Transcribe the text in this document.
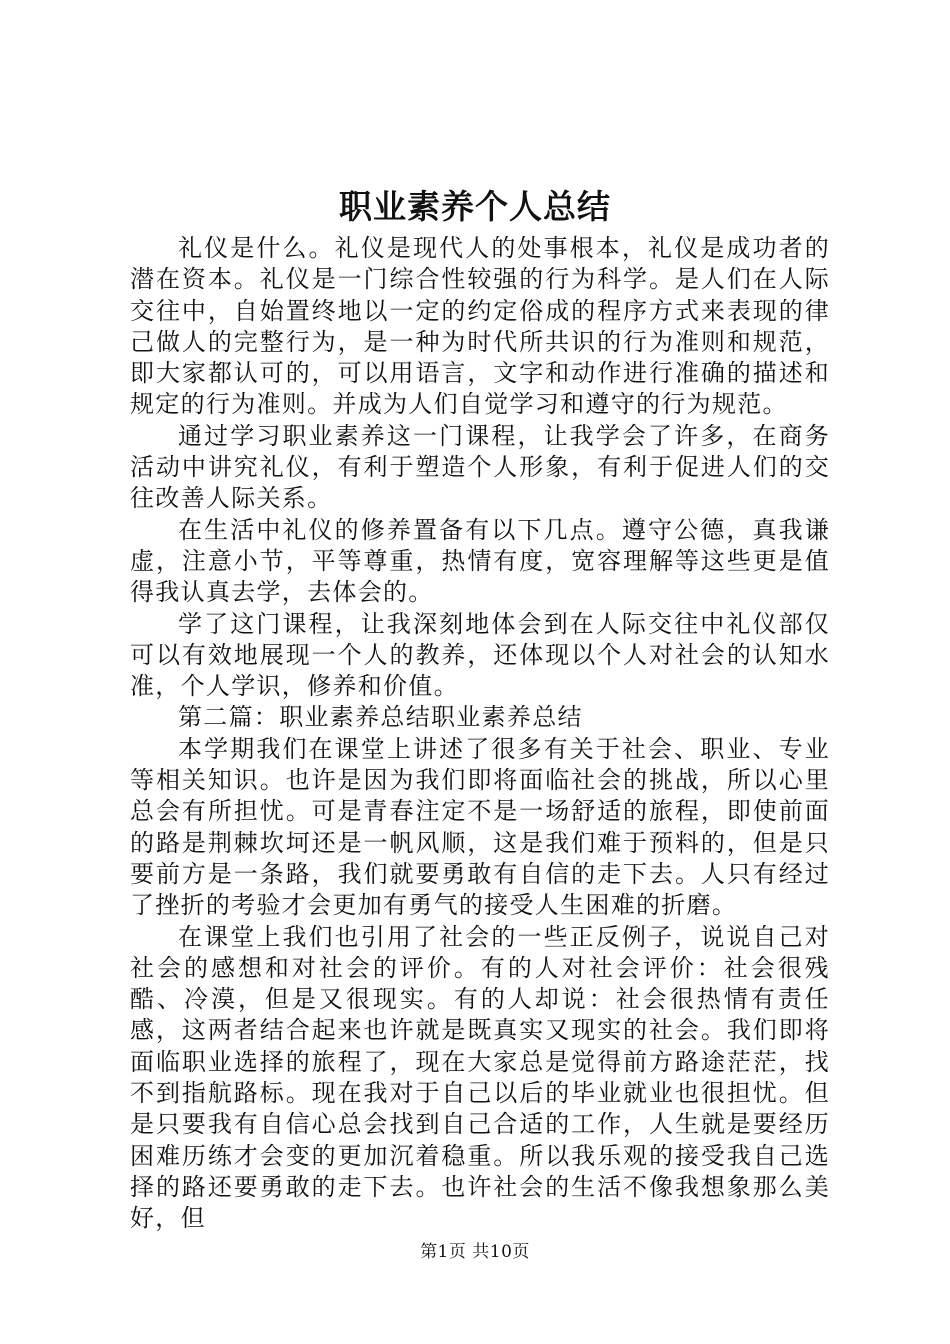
职业素养个人总结

礼仪是什么。礼仪是现代人的处事根本，礼仪是成功者的潜在资本。礼仪是一门综合性较强的行为科学。是人们在人际交往中，自始置终地以一定的约定俗成的程序方式来表现的律己做人的完整行为，是一种为时代所共识的行为准则和规范，即大家都认可的，可以用语言，文字和动作进行准确的描述和规定的行为准则。并成为人们自觉学习和遵守的行为规范。

通过学习职业素养这一门课程，让我学会了许多，在商务活动中讲究礼仪，有利于塑造个人形象，有利于促进人们的交往改善人际关系。

在生活中礼仪的修养置备有以下几点。遵守公德，真我谦虚，注意小节，平等尊重，热情有度，宽容理解等这些更是值得我认真去学，去体会的。

学了这门课程，让我深刻地体会到在人际交往中礼仪部仅可以有效地展现一个人的教养，还体现以个人对社会的认知水准，个人学识，修养和价值。

第二篇：职业素养总结职业素养总结

本学期我们在课堂上讲述了很多有关于社会、职业、专业等相关知识。也许是因为我们即将面临社会的挑战，所以心里总会有所担忧。可是青春注定不是一场舒适的旅程，即使前面的路是荆棘坎坷还是一帆风顺，这是我们难于预料的，但是只要前方是一条路，我们就要勇敢有自信的走下去。人只有经过了挫折的考验才会更加有勇气的接受人生困难的折磨。

在课堂上我们也引用了社会的一些正反例子，说说自己对社会的感想和对社会的评价。有的人对社会评价：社会很残酷、冷漠，但是又很现实。有的人却说：社会很热情有责任感，这两者结合起来也许就是既真实又现实的社会。我们即将面临职业选择的旅程了，现在大家总是觉得前方路途茫茫，找不到指航路标。现在我对于自己以后的毕业就业也很担忧。但是只要我有自信心总会找到自己合适的工作，人生就是要经历困难历练才会变的更加沉着稳重。所以我乐观的接受我自己选择的路还要勇敢的走下去。也许社会的生活不像我想象那么美好，但

第1页 共10页
